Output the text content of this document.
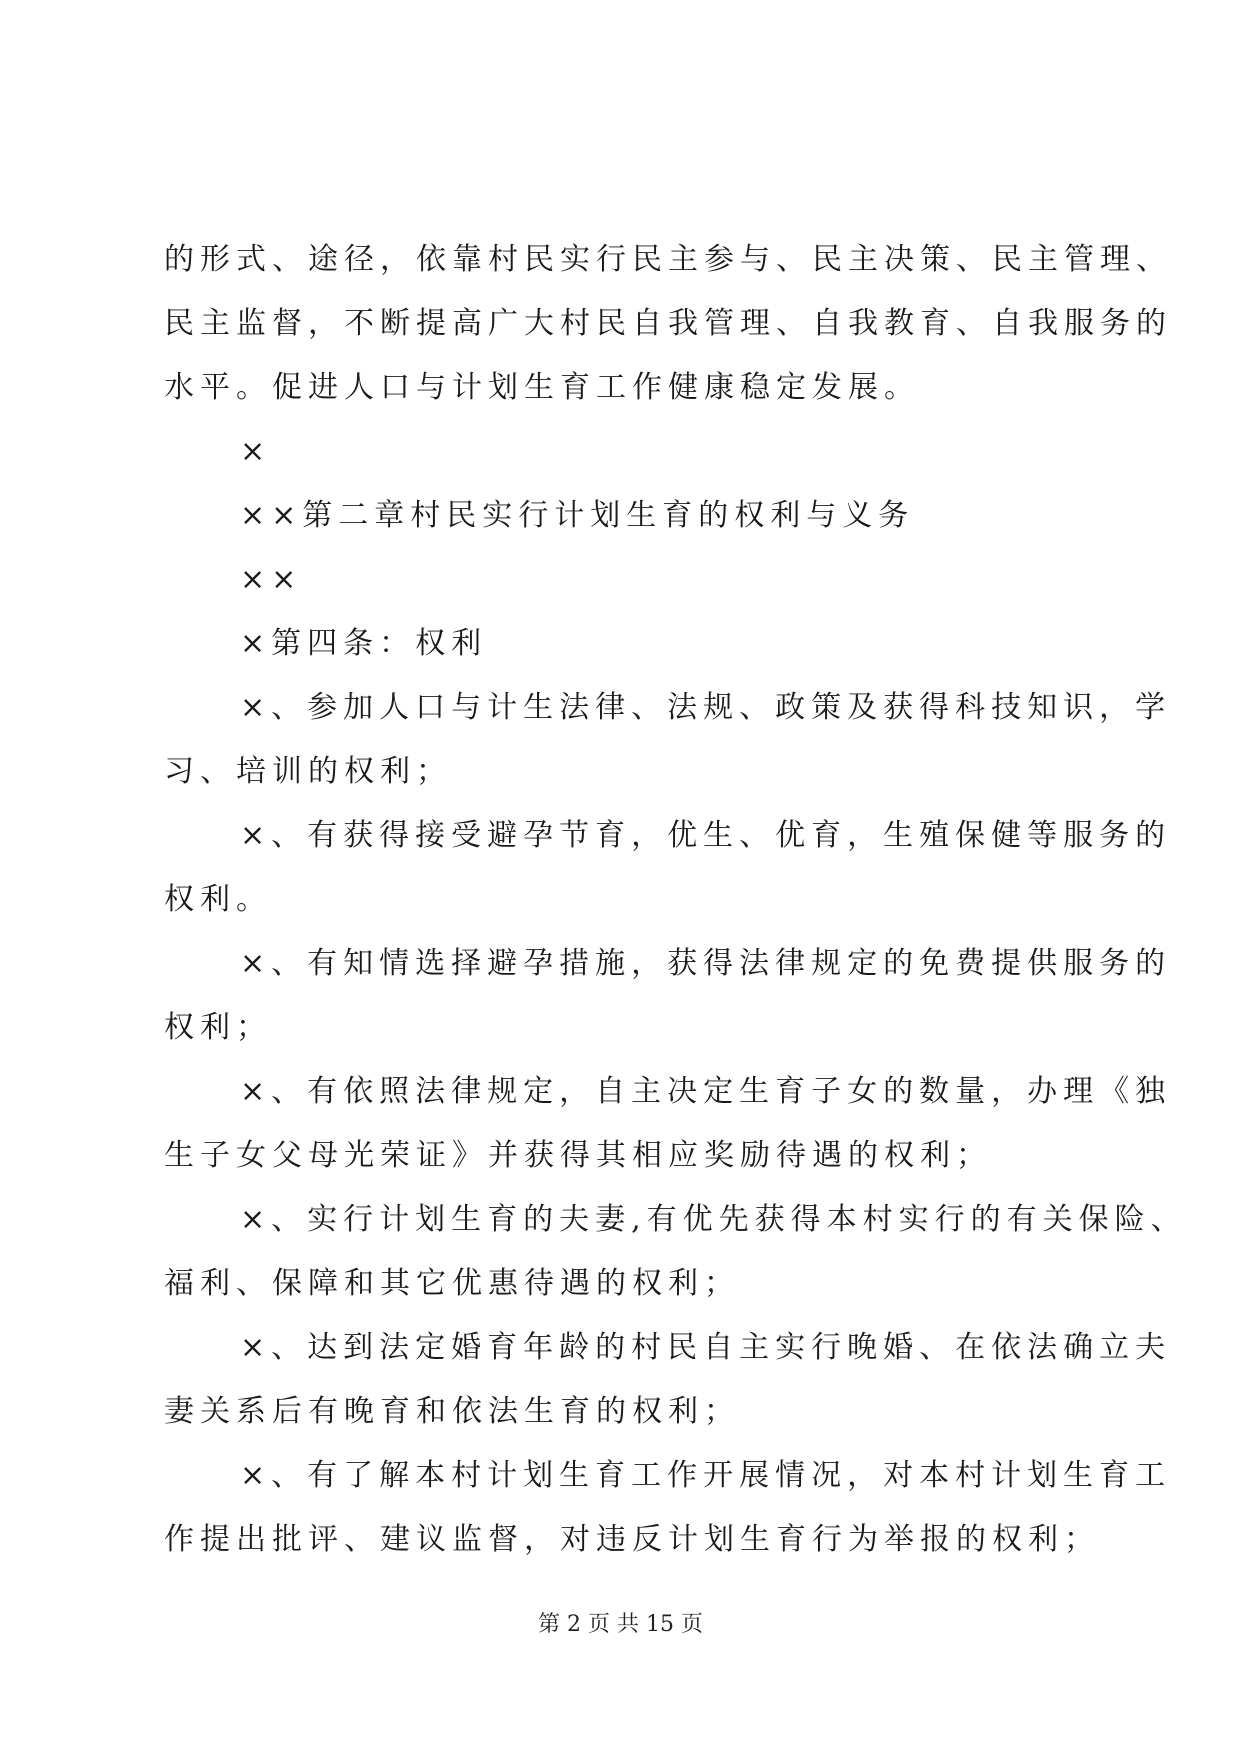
的形式、途径，依靠村民实行民主参与、民主决策、民主管理、
民主监督，不断提高广大村民自我管理、自我教育、自我服务的
水平。促进人口与计划生育工作健康稳定发展。
×
××第二章村民实行计划生育的权利与义务
××
×第四条：权利
×、参加人口与计生法律、法规、政策及获得科技知识，学
习、培训的权利；
×、有获得接受避孕节育，优生、优育，生殖保健等服务的
权利。
×、有知情选择避孕措施，获得法律规定的免费提供服务的
权利；
×、有依照法律规定，自主决定生育子女的数量，办理《独
生子女父母光荣证》并获得其相应奖励待遇的权利；
×、实行计划生育的夫妻,有优先获得本村实行的有关保险、
福利、保障和其它优惠待遇的权利；
×、达到法定婚育年龄的村民自主实行晚婚、在依法确立夫
妻关系后有晚育和依法生育的权利；
×、有了解本村计划生育工作开展情况，对本村计划生育工
作提出批评、建议监督，对违反计划生育行为举报的权利；
第 2 页 共 15 页
